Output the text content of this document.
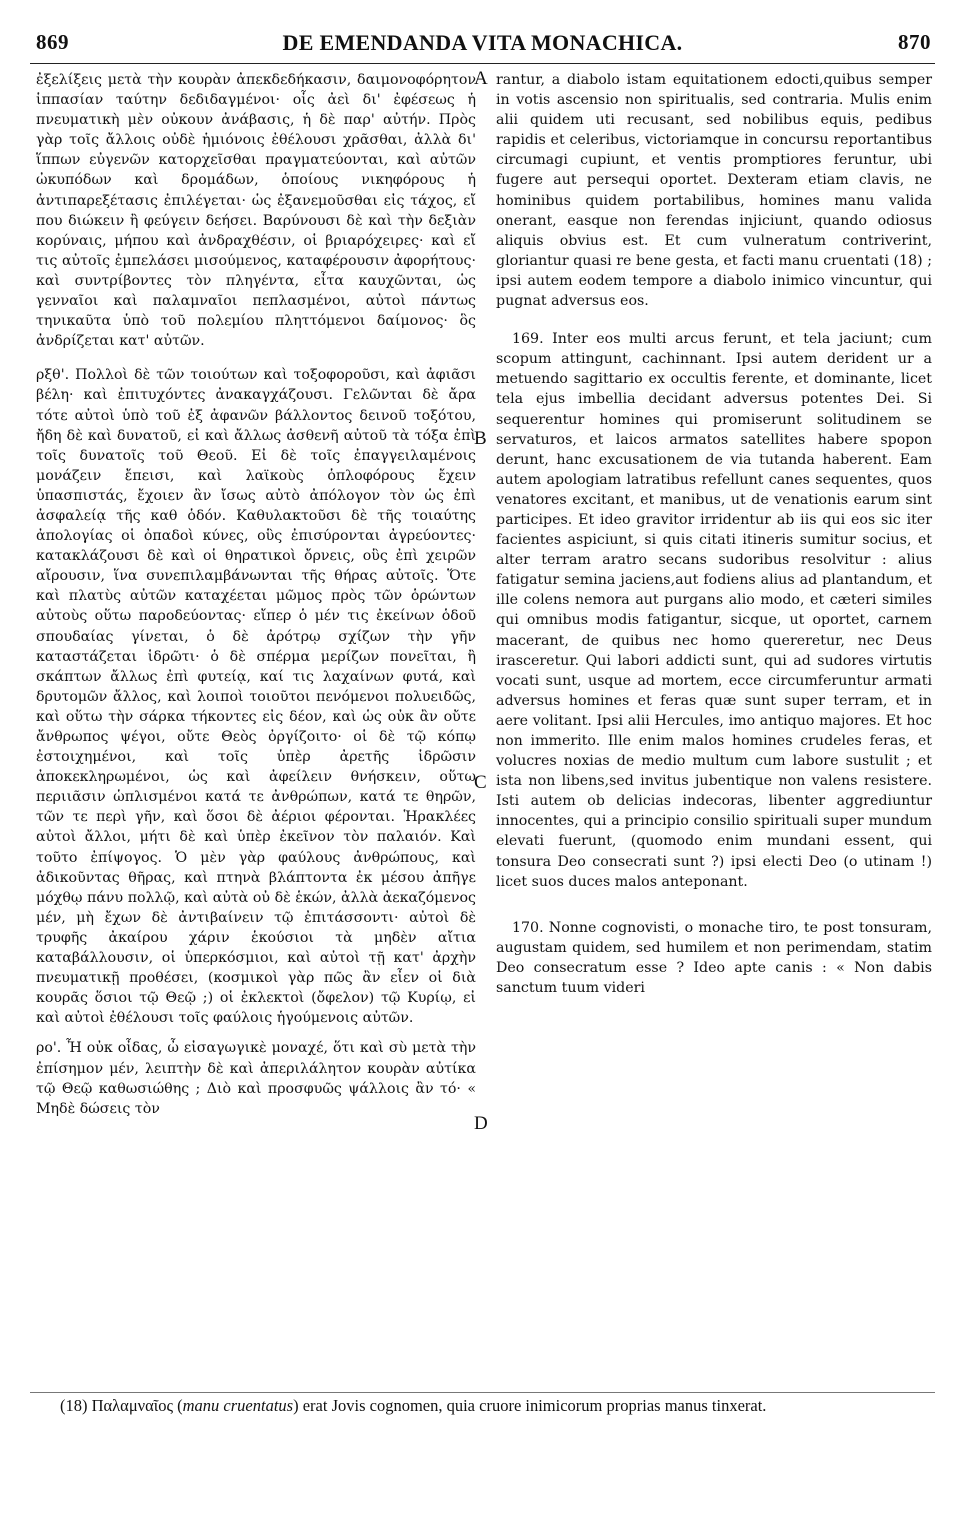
869	DE EMENDANDA VITA MONACHICA.	870

ἐξελίξεις μετὰ τὴν κουρὰν ἀπεκδεδήκασιν, δαιμονοφόρητον ἱππασίαν ταύτην δεδιδαγμένοι· οἷς ἀεὶ δι' ἐφέσεως ἡ πνευματικὴ μὲν οὐκουν ἀνάβασις, ἡ δὲ παρ' αὐτήν. Πρὸς γὰρ τοῖς ἄλλοις οὐδὲ ἡμιόνοις ἐθέλουσι χρᾶσθαι, ἀλλὰ δι' ἵππων εὐγενῶν κατορχεῖσθαι πραγματεύονται, καὶ αὐτῶν ὠκυπόδων καὶ δρομάδων, ὁποίους νικηφόρους ἡ ἀντιπαρεξέτασις ἐπιλέγεται· ὡς ἐξανεμοῦσθαι εἰς τάχος, εἴ που διώκειν ἢ φεύγειν δεήσει. Βαρύνουσι δὲ καὶ τὴν δεξιὰν κορύναις, μήπου καὶ ἀνδραχθέσιν, οἱ βριαρόχειρες· καὶ εἴ τις αὐτοῖς ἐμπελάσει μισούμενος, καταφέρουσιν ἀφορήτους· καὶ συντρίβοντες τὸν πληγέντα, εἶτα καυχῶνται, ὡς γενναῖοι καὶ παλαμναῖοι πεπλασμένοι, αὐτοὶ πάντως τηνικαῦτα ὑπὸ τοῦ πολεμίου πληττόμενοι δαίμονος· ὃς ἀνδρίζεται κατ' αὐτῶν.

ρξθ'. Πολλοὶ δὲ τῶν τοιούτων καὶ τοξοφοροῦσι, καὶ ἀφιᾶσι βέλη· καὶ ἐπιτυχόντες ἀνακαγχάζουσι. Γελῶνται δὲ ἄρα τότε αὐτοὶ ὑπὸ τοῦ ἐξ ἀφανῶν βάλλοντος δεινοῦ τοξότου, ἤδη δὲ καὶ δυνατοῦ, εἰ καὶ ἄλλως ἀσθενῆ αὐτοῦ τὰ τόξα ἐπὶ τοῖς δυνατοῖς τοῦ Θεοῦ. Εἰ δὲ τοῖς ἐπαγγειλαμένοις μονάζειν ἔπεισι, καὶ λαϊκοὺς ὁπλοφόρους ἔχειν ὑπασπιστάς, ἔχοιεν ἂν ἴσως αὐτὸ ἀπόλογον τὸν ὡς ἐπὶ ἀσφαλείᾳ τῆς καθ ὁδόν. Καθυλακτοῦσι δὲ τῆς τοιαύτης ἀπολογίας οἱ ὀπαδοὶ κύνες, οὓς ἐπισύρονται ἀγρεύοντες· κατακλάζουσι δὲ καὶ οἱ θηρατικοὶ ὄρνεις, οὓς ἐπὶ χειρῶν αἴρουσιν, ἵνα συνεπιλαμβάνωνται τῆς θήρας αὐτοῖς. Ὅτε καὶ πλατὺς αὐτῶν καταχέεται μῶμος πρὸς τῶν ὁρώντων αὐτοὺς οὕτω παροδεύοντας· εἴπερ ὁ μέν τις ἐκείνων ὁδοῦ σπουδαίας γίνεται, ὁ δὲ ἀρότρῳ σχίζων τὴν γῆν καταστάζεται ἱδρῶτι· ὁ δὲ σπέρμα μερίζων πονεῖται, ἢ σκάπτων ἄλλως ἐπὶ φυτείᾳ, καί τις λαχαίνων φυτά, καὶ δρυτομῶν ἄλλος, καὶ λοιποὶ τοιοῦτοι πενόμενοι πολυειδῶς, καὶ οὕτω τὴν σάρκα τήκοντες εἰς δέον, καὶ ὡς οὐκ ἂν οὔτε ἄνθρωπος ψέγοι, οὔτε Θεὸς ὀργίζοιτο· οἱ δὲ τῷ κόπῳ ἐστοιχημένοι, καὶ τοῖς ὑπὲρ ἀρετῆς ἱδρῶσιν ἀποκεκληρωμένοι, ὡς καὶ ἀφείλειν θνήσκειν, οὕτω περιιᾶσιν ὡπλισμένοι κατά τε ἀνθρώπων, κατά τε θηρῶν, τῶν τε περὶ γῆν, καὶ ὅσοι δὲ ἀέριοι φέρονται. Ἡρακλέες αὐτοὶ ἄλλοι, μήτι δὲ καὶ ὑπὲρ ἐκεῖνον τὸν παλαιόν. Καὶ τοῦτο ἐπίψογος. Ὁ μὲν γὰρ φαύλους ἀνθρώπους, καὶ ἀδικοῦντας θῆρας, καὶ πτηνὰ βλάπτοντα ἐκ μέσου ἀπῆγε μόχθῳ πάνυ πολλῷ, καὶ αὐτὰ οὐ δὲ ἑκών, ἀλλὰ ἀεκαζόμενος μέν, μὴ ἔχων δὲ ἀντιβαίνειν τῷ ἐπιτάσσοντι· αὐτοὶ δὲ τρυφῆς ἀκαίρου χάριν ἑκούσιοι τὰ μηδὲν αἴτια καταβάλλουσιν, οἱ ὑπερκόσμιοι, καὶ αὐτοὶ τῇ κατ' ἀρχὴν πνευματικῇ προθέσει, (κοσμικοὶ γὰρ πῶς ἂν εἶεν οἱ διὰ κουρᾶς ὅσιοι τῷ Θεῷ ;) οἱ ἐκλεκτοὶ (ὄφελον) τῷ Κυρίῳ, εἰ καὶ αὐτοὶ ἐθέλουσι τοῖς φαύλοις ἡγούμενοις αὐτῶν.

ρο'. Ἦ οὐκ οἶδας, ὦ εἰσαγωγικὲ μοναχέ, ὅτι καὶ σὺ μετὰ τὴν ἐπίσημον μέν, λειπτὴν δὲ καὶ ἀπεριλάλητον κουρὰν αὐτίκα τῷ Θεῷ καθωσιώθης ; Διὸ καὶ προσφυῶς ψάλλοις ἂν τό· « Μηδὲ δώσεις τὸν

A
B
C
D

rantur, a diabolo istam equitationem edocti,quibus semper in votis ascensio non spiritualis, sed contraria. Mulis enim alii quidem uti recusant, sed nobilibus equis, pedibus rapidis et celeribus, victoriamque in concursu reportantibus circumagi cupiunt, et ventis promptiores feruntur, ubi fugere aut persequi oportet. Dexteram etiam clavis, ne hominibus quidem portabilibus, homines manu valida onerant, easque non ferendas injiciunt, quando odiosus aliquis obvius est. Et cum vulneratum contriverint, gloriantur quasi re bene gesta, et facti manu cruentati (18) ; ipsi autem eodem tempore a diabolo inimico vincuntur, qui pugnat adversus eos.

169. Inter eos multi arcus ferunt, et tela jaciunt; cum scopum attingunt, cachinnant. Ipsi autem derident ur a metuendo sagittario ex occultis ferente, et dominante, licet tela ejus imbellia decidant adversus potentes Dei. Si sequerentur homines qui promiserunt solitudinem se servaturos, et laicos armatos satellites habere spopon derunt, hanc excusationem de via tutanda haberent. Eam autem apologiam latratibus refellunt canes sequentes, quos venatores excitant, et manibus, ut de venationis earum sint participes. Et ideo gravitor irridentur ab iis qui eos sic iter facientes aspiciunt, si quis citati itineris sumitur socius, et alter terram aratro secans sudoribus resolvitur : alius fatigatur semina jaciens,aut fodiens alius ad plantandum, et ille colens nemora aut purgans alio modo, et cæteri similes qui omnibus modis fatigantur, sicque, ut oportet, carnem macerant, de quibus nec homo quereretur, nec Deus irasceretur. Qui labori addicti sunt, qui ad sudores virtutis vocati sunt, usque ad mortem, ecce circumferuntur armati adversus homines et feras quæ sunt super terram, et in aere volitant. Ipsi alii Hercules, imo antiquo majores. Et hoc non immerito. Ille enim malos homines crudeles feras, et volucres noxias de medio multum cum labore sustulit ; et ista non libens,sed invitus jubentique non valens resistere. Isti autem ob delicias indecoras, libenter aggrediuntur innocentes, qui a principio consilio spirituali super mundum elevati fuerunt, (quomodo enim mundani essent, qui tonsura Deo consecrati sunt ?) ipsi electi Deo (o utinam !) licet suos duces malos anteponant.

170. Nonne cognovisti, o monache tiro, te post tonsuram, augustam quidem, sed humilem et non perimendam, statim Deo consecratum esse ? Ideo apte canis : « Non dabis sanctum tuum videri

(18) Παλαμναῖος (manu cruentatus) erat Jovis cognomen, quia cruore inimicorum proprias manus tinxerat.
